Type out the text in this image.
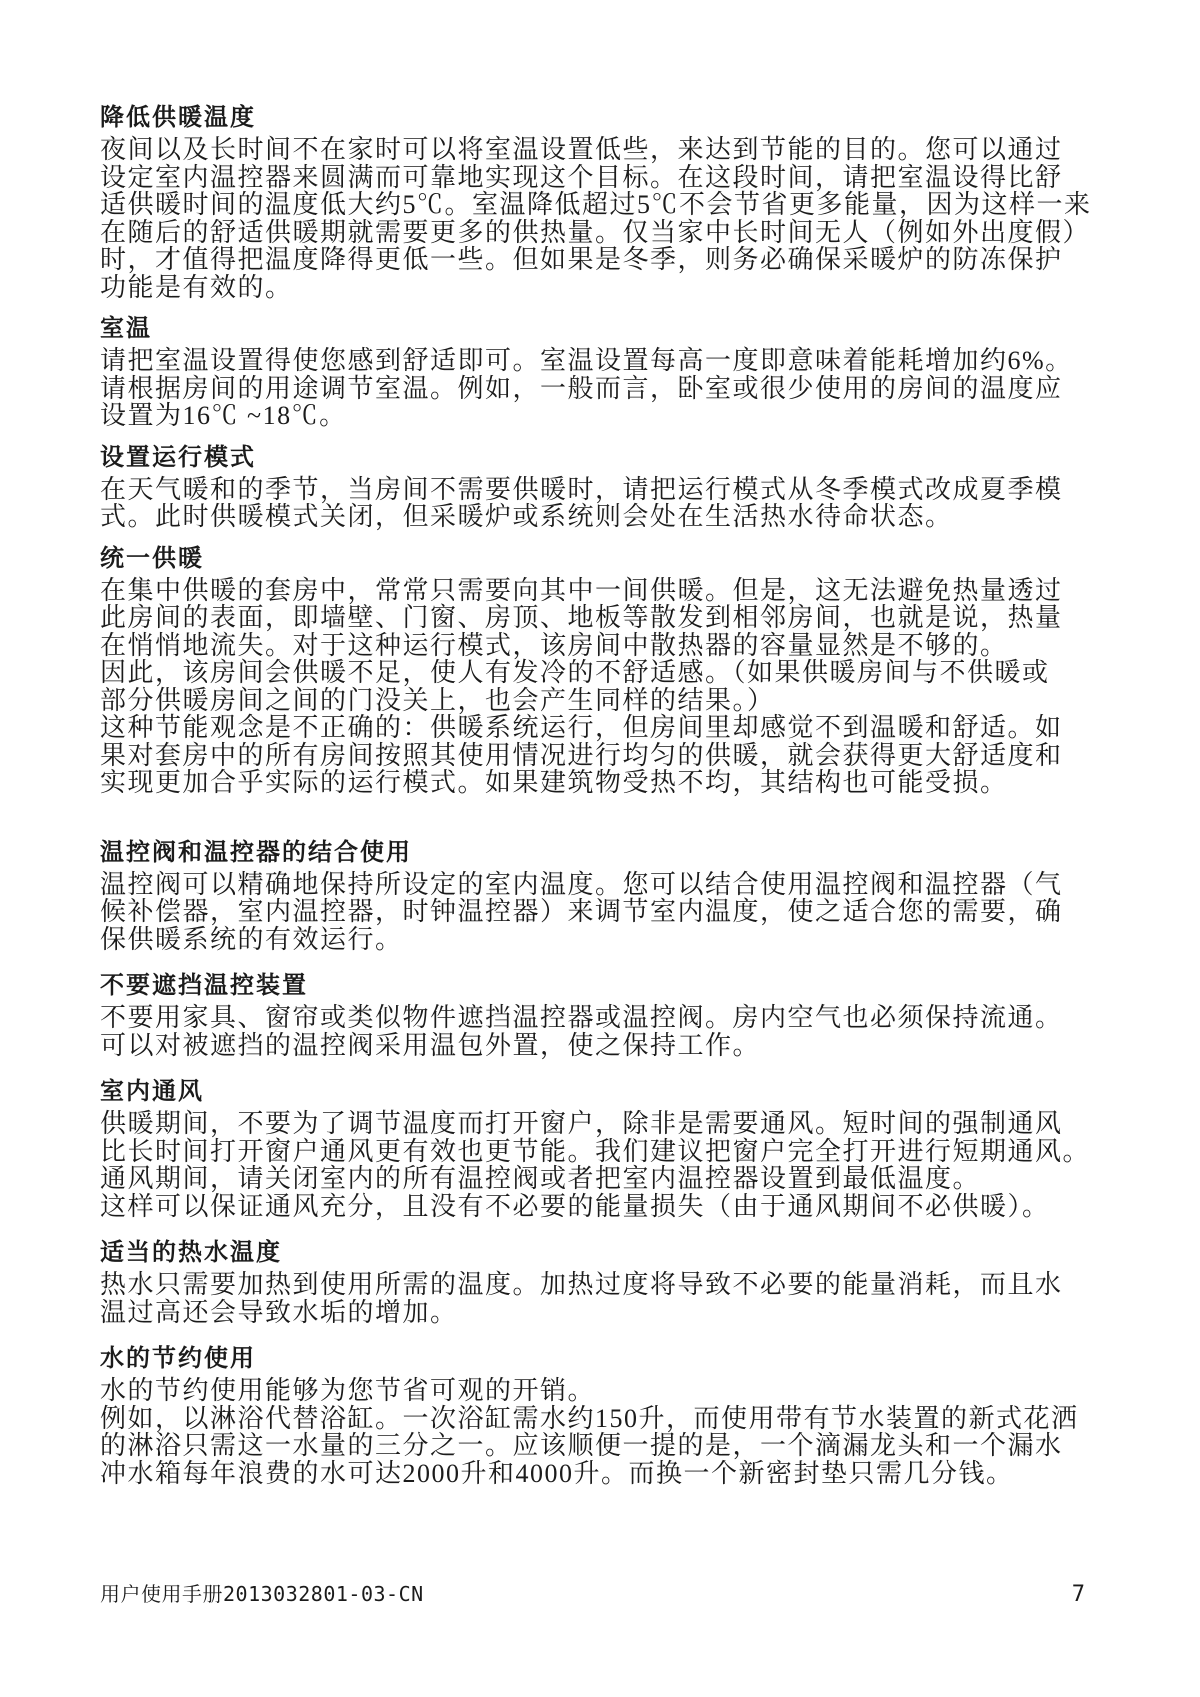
降低供暖温度
夜间以及长时间不在家时可以将室温设置低些，来达到节能的目的。您可以通过
设定室内温控器来圆满而可靠地实现这个目标。在这段时间，请把室温设得比舒
适供暖时间的温度低大约5℃。室温降低超过5℃不会节省更多能量，因为这样一来
在随后的舒适供暖期就需要更多的供热量。仅当家中长时间无人（例如外出度假）
时，才值得把温度降得更低一些。但如果是冬季，则务必确保采暖炉的防冻保护
功能是有效的。
室温
请把室温设置得使您感到舒适即可。室温设置每高一度即意味着能耗增加约6%。
请根据房间的用途调节室温。例如，一般而言，卧室或很少使用的房间的温度应
设置为16℃ ~18℃。
设置运行模式
在天气暖和的季节，当房间不需要供暖时，请把运行模式从冬季模式改成夏季模
式。此时供暖模式关闭，但采暖炉或系统则会处在生活热水待命状态。
统一供暖
在集中供暖的套房中，常常只需要向其中一间供暖。但是，这无法避免热量透过
此房间的表面，即墙壁、门窗、房顶、地板等散发到相邻房间，也就是说，热量
在悄悄地流失。对于这种运行模式，该房间中散热器的容量显然是不够的。
因此，该房间会供暖不足，使人有发冷的不舒适感。（如果供暖房间与不供暖或
部分供暖房间之间的门没关上，也会产生同样的结果。）
这种节能观念是不正确的：供暖系统运行，但房间里却感觉不到温暖和舒适。如
果对套房中的所有房间按照其使用情况进行均匀的供暖，就会获得更大舒适度和
实现更加合乎实际的运行模式。如果建筑物受热不均，其结构也可能受损。
温控阀和温控器的结合使用
温控阀可以精确地保持所设定的室内温度。您可以结合使用温控阀和温控器（气
候补偿器，室内温控器，时钟温控器）来调节室内温度，使之适合您的需要，确
保供暖系统的有效运行。
不要遮挡温控装置
不要用家具、窗帘或类似物件遮挡温控器或温控阀。房内空气也必须保持流通。
可以对被遮挡的温控阀采用温包外置，使之保持工作。
室内通风
供暖期间，不要为了调节温度而打开窗户，除非是需要通风。短时间的强制通风
比长时间打开窗户通风更有效也更节能。我们建议把窗户完全打开进行短期通风。
通风期间，请关闭室内的所有温控阀或者把室内温控器设置到最低温度。
这样可以保证通风充分，且没有不必要的能量损失（由于通风期间不必供暖）。
适当的热水温度
热水只需要加热到使用所需的温度。加热过度将导致不必要的能量消耗，而且水
温过高还会导致水垢的增加。
水的节约使用
水的节约使用能够为您节省可观的开销。
例如，以淋浴代替浴缸。一次浴缸需水约150升，而使用带有节水装置的新式花洒
的淋浴只需这一水量的三分之一。应该顺便一提的是，一个滴漏龙头和一个漏水
冲水箱每年浪费的水可达2000升和4000升。而换一个新密封垫只需几分钱。
用户使用手册2013032801-03-CN	7
